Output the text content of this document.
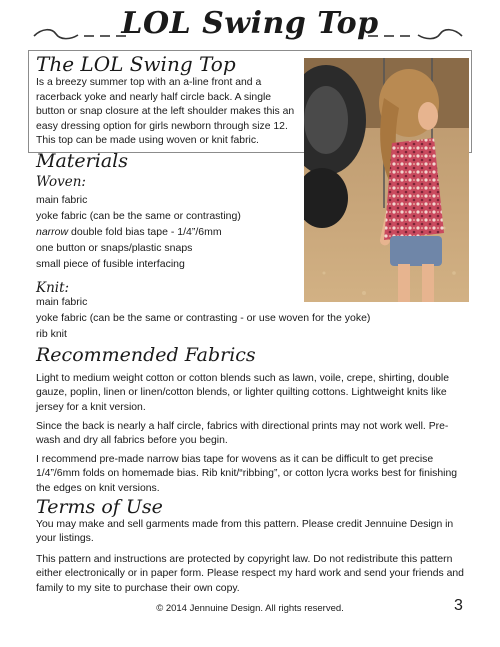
LOL Swing Top
The LOL Swing Top
Is a breezy summer top with an a-line front and a racerback yoke and nearly half circle back. A single button or snap closure at the left shoulder makes this an easy dressing option for girls newborn through size 12. This top can be made using woven or knit fabric.
Materials
Woven:
main fabric
yoke fabric (can be the same or contrasting)
narrow double fold bias tape - 1/4”/6mm
one button or snaps/plastic snaps
small piece of fusible interfacing
Knit:
main fabric
yoke fabric (can be the same or contrasting - or use woven for the yoke)
rib knit
Recommended Fabrics
Light to medium weight cotton or cotton blends such as lawn, voile, crepe, shirting, double gauze, poplin, linen or linen/cotton blends, or lighter quilting cottons. Lightweight knits like jersey for a knit version.
Since the back is nearly a half circle, fabrics with directional prints may not work well. Pre-wash and dry all fabrics before you begin.
I recommend pre-made narrow bias tape for wovens as it can be difficult to get precise 1/4”/6mm folds on homemade bias. Rib knit/“ribbing”, or cotton lycra works best for finishing the edges on knit versions.
Terms of Use
You may make and sell garments made from this pattern. Please credit Jennuine Design in your listings.
This pattern and instructions are protected by copyright law. Do not redistribute this pattern either electronically or in paper form. Please respect my hard work and send your friends and family to my site to purchase their own copy.
© 2014 Jennuine Design. All rights reserved.	3
